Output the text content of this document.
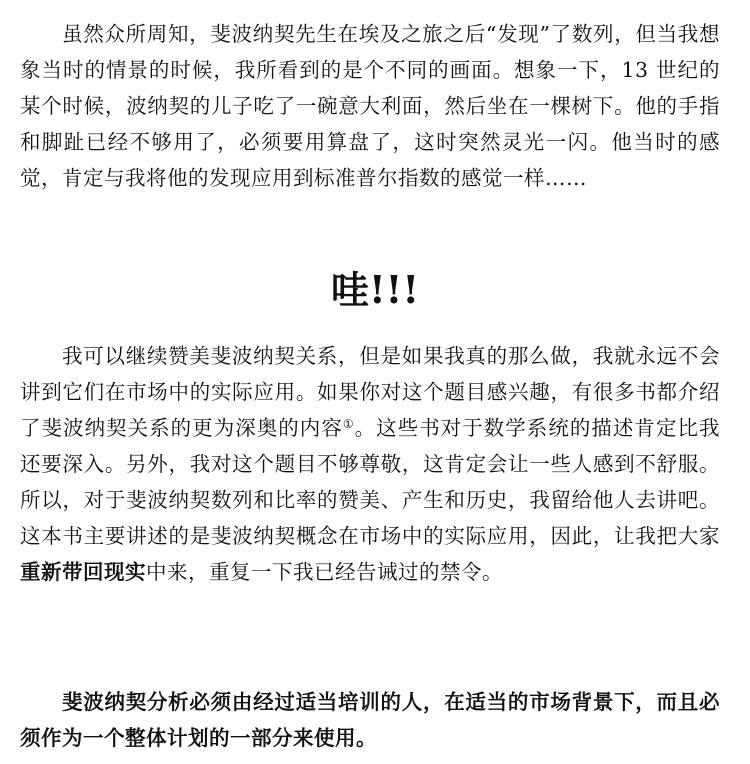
虽然众所周知，斐波纳契先生在埃及之旅之后“发现”了数列，但当我想象当时的情景的时候，我所看到的是个不同的画面。想象一下，13 世纪的某个时候，波纳契的儿子吃了一碗意大利面，然后坐在一棵树下。他的手指和脚趾已经不够用了，必须要用算盘了，这时突然灵光一闪。他当时的感觉，肯定与我将他的发现应用到标准普尔指数的感觉一样……

哇!!!

我可以继续赞美斐波纳契关系，但是如果我真的那么做，我就永远不会讲到它们在市场中的实际应用。如果你对这个题目感兴趣，有很多书都介绍了斐波纳契关系的更为深奥的内容①。这些书对于数学系统的描述肯定比我还要深入。另外，我对这个题目不够尊敬，这肯定会让一些人感到不舒服。所以，对于斐波纳契数列和比率的赞美、产生和历史，我留给他人去讲吧。这本书主要讲述的是斐波纳契概念在市场中的实际应用，因此，让我把大家重新带回现实中来，重复一下我已经告诫过的禁令。

斐波纳契分析必须由经过适当培训的人，在适当的市场背景下，而且必须作为一个整体计划的一部分来使用。
